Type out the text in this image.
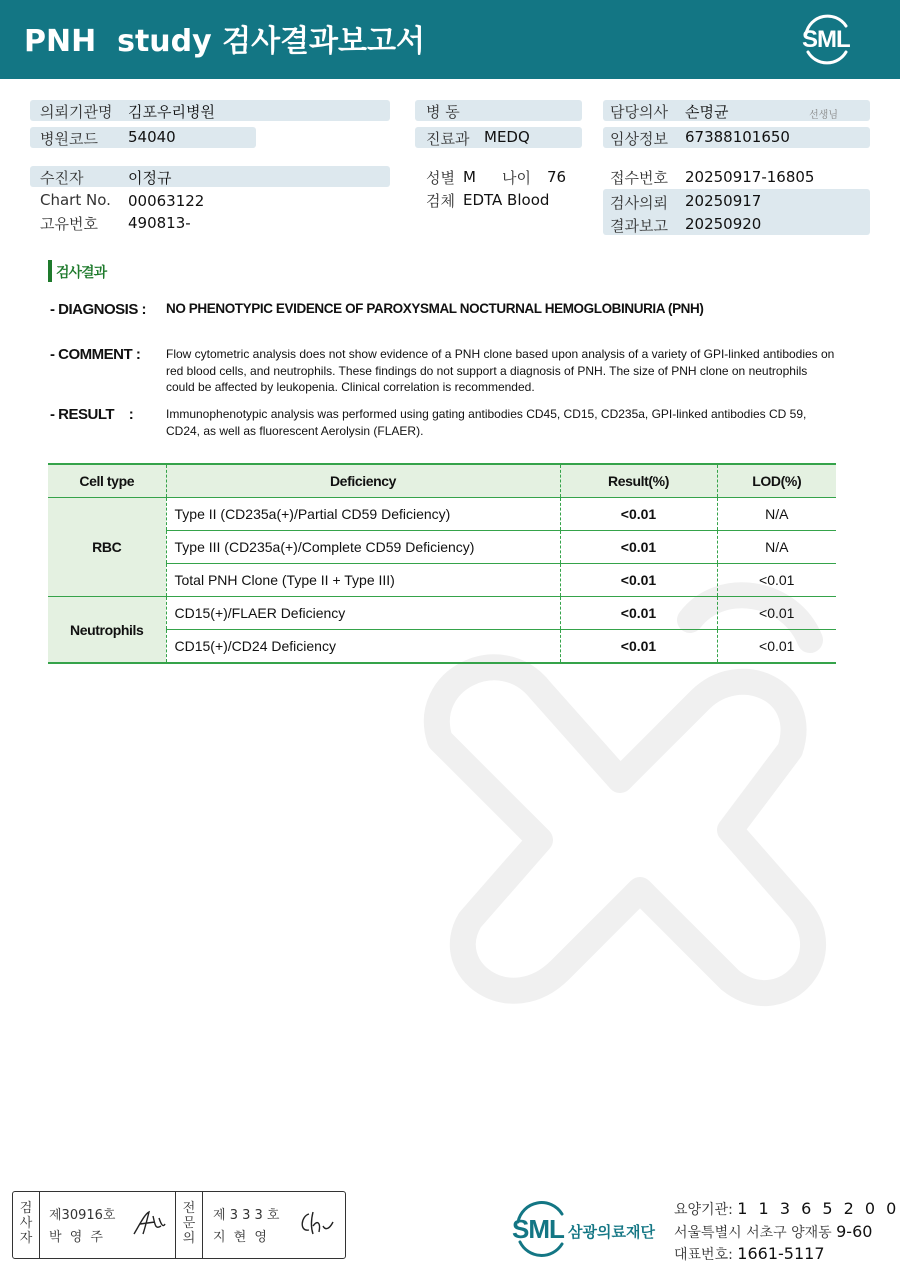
PNH  study 검사결과보고서	SML
의뢰기관명 김포우리병원
병원코드 54040
수진자	이정규
Chart No. 00063122
고유번호 490813-
병 동
진료과 MEDQ
성별 M 나이 76
검체 EDTA Blood
담당의사 손명균	선생님
임상정보 67388101650
접수번호 20250917-16805
검사의뢰 20250917
결과보고 20250920
검사결과
- DIAGNOSIS : NO PHENOTYPIC EVIDENCE OF PAROXYSMAL NOCTURNAL HEMOGLOBINURIA (PNH)
- COMMENT : Flow cytometric analysis does not show evidence of a PNH clone based upon analysis of a variety of GPI-linked antibodies on red blood cells, and neutrophils. These findings do not support a diagnosis of PNH. The size of PNH clone on neutrophils could be affected by leukopenia. Clinical correlation is recommended.
- RESULT    :	Immunophenotypic analysis was performed using gating antibodies CD45, CD15, CD235a, GPI-linked antibodies CD 59, CD24, as well as fluorescent Aerolysin (FLAER).
Cell type	Deficiency	Result(%)	LOD(%)
RBC	Type II (CD235a(+)/Partial CD59 Deficiency)	<0.01	N/A
	Type III (CD235a(+)/Complete CD59 Deficiency)	<0.01	N/A
	Total PNH Clone (Type II + Type III)	<0.01	<0.01
Neutrophils	CD15(+)/FLAER Deficiency	<0.01	<0.01
	CD15(+)/CD24 Deficiency	<0.01	<0.01
검사자
제30916호
박 영 주
전문의
제 3 3 3 호
지 현 영	SML 삼광의료재단
요양기관: 1 1 3 6 5 2 0 0
서울특별시 서초구 양재동 9-60
대표번호: 1661-5117
